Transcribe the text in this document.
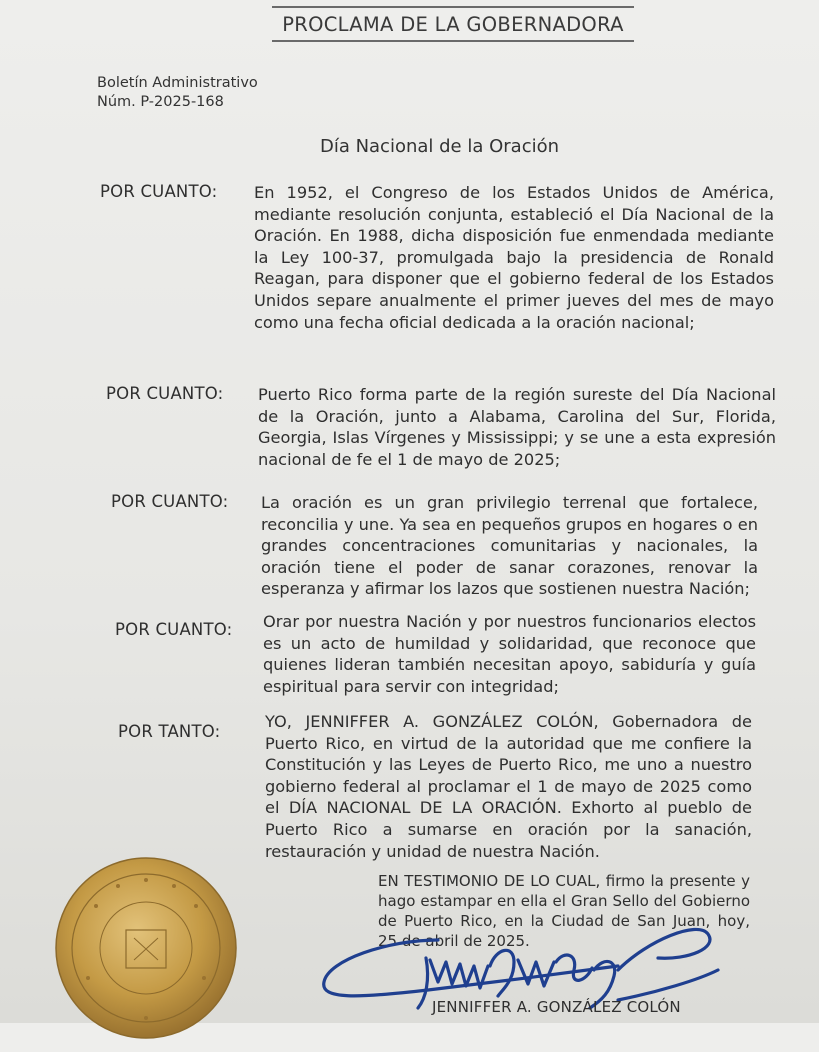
PROCLAMA DE LA GOBERNADORA
Boletín Administrativo
Núm. P-2025-168
Día Nacional de la Oración
POR CUANTO: En 1952, el Congreso de los Estados Unidos de América, mediante resolución conjunta, estableció el Día Nacional de la Oración. En 1988, dicha disposición fue enmendada mediante la Ley 100-37, promulgada bajo la presidencia de Ronald Reagan, para disponer que el gobierno federal de los Estados Unidos separe anualmente el primer jueves del mes de mayo como una fecha oficial dedicada a la oración nacional;
POR CUANTO: Puerto Rico forma parte de la región sureste del Día Nacional de la Oración, junto a Alabama, Carolina del Sur, Florida, Georgia, Islas Vírgenes y Mississippi; y se une a esta expresión nacional de fe el 1 de mayo de 2025;
POR CUANTO: La oración es un gran privilegio terrenal que fortalece, reconcilia y une. Ya sea en pequeños grupos en hogares o en grandes concentraciones comunitarias y nacionales, la oración tiene el poder de sanar corazones, renovar la esperanza y afirmar los lazos que sostienen nuestra Nación;
POR CUANTO: Orar por nuestra Nación y por nuestros funcionarios electos es un acto de humildad y solidaridad, que reconoce que quienes lideran también necesitan apoyo, sabiduría y guía espiritual para servir con integridad;
POR TANTO:
YO, JENNIFFER A. GONZÁLEZ COLÓN, Gobernadora de Puerto Rico, en virtud de la autoridad que me confiere la Constitución y las Leyes de Puerto Rico, me uno a nuestro gobierno federal al proclamar el 1 de mayo de 2025 como el DÍA NACIONAL DE LA ORACIÓN. Exhorto al pueblo de Puerto Rico a sumarse en oración por la sanación, restauración y unidad de nuestra Nación.
EN TESTIMONIO DE LO CUAL, firmo la presente y hago estampar en ella el Gran Sello del Gobierno de Puerto Rico, en la Ciudad de San Juan, hoy, 25 de abril de 2025.
JENNIFFER A. GONZÁLEZ COLÓN
